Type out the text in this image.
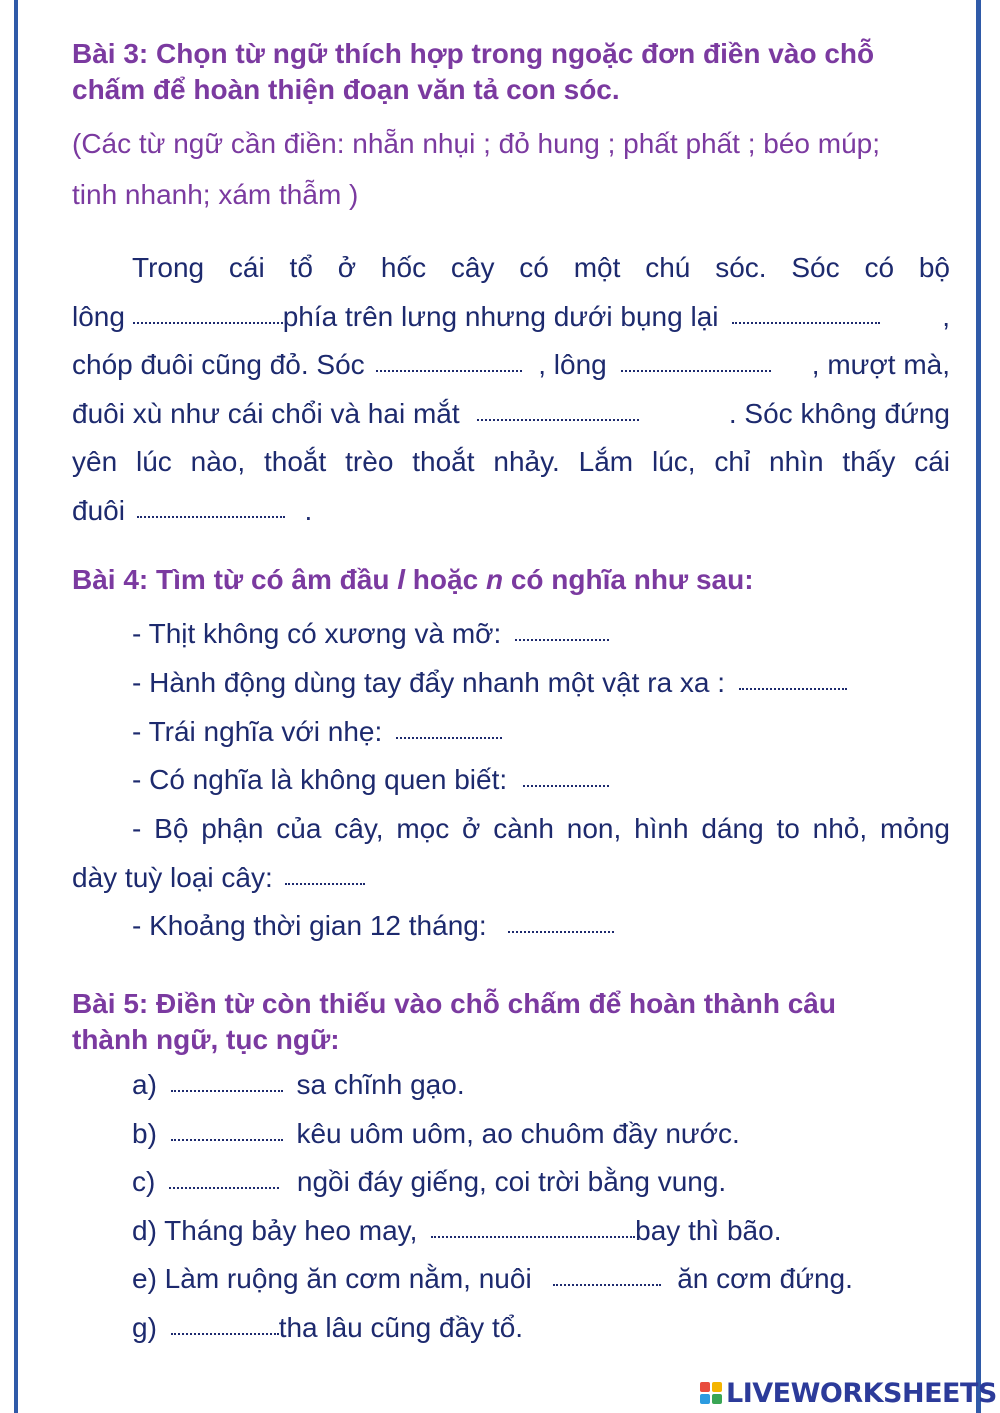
Bài 3: Chọn từ ngữ thích hợp trong ngoặc đơn điền vào chỗ
chấm để hoàn thiện đoạn văn tả con sóc.
(Các từ ngữ cần điền: nhẵn nhụi ; đỏ hung ; phất phất ; béo múp;
tinh nhanh; xám thẫm )
Trong cái tổ ở hốc cây có một chú sóc. Sóc có bộ
lông	phía trên lưng nhưng dưới bụng lại	,
chóp đuôi cũng đỏ. Sóc	, lông	, mượt mà,
đuôi xù như cái chổi và hai mắt	. Sóc không đứng
yên lúc nào, thoắt trèo thoắt nhảy. Lắm lúc, chỉ nhìn thấy cái
đuôi	.
Bài 4: Tìm từ có âm đầu l hoặc n có nghĩa như sau:
- Thịt không có xương và mỡ:
- Hành động dùng tay đẩy nhanh một vật ra xa :
- Trái nghĩa với nhẹ:
- Có nghĩa là không quen biết:
- Bộ phận của cây, mọc ở cành non, hình dáng to nhỏ, mỏng
dày tuỳ loại cây:
- Khoảng thời gian 12 tháng:
Bài 5: Điền từ còn thiếu vào chỗ chấm để hoàn thành câu
thành ngữ, tục ngữ:
a)	sa chĩnh gạo.
b)	kêu uôm uôm, ao chuôm đầy nước.
c)	ngồi đáy giếng, coi trời bằng vung.
d) Tháng bảy heo may,	bay thì bão.
e) Làm ruộng ăn cơm nằm, nuôi	ăn cơm đứng.
g)	tha lâu cũng đầy tổ.
LIVEWORKSHEETS
